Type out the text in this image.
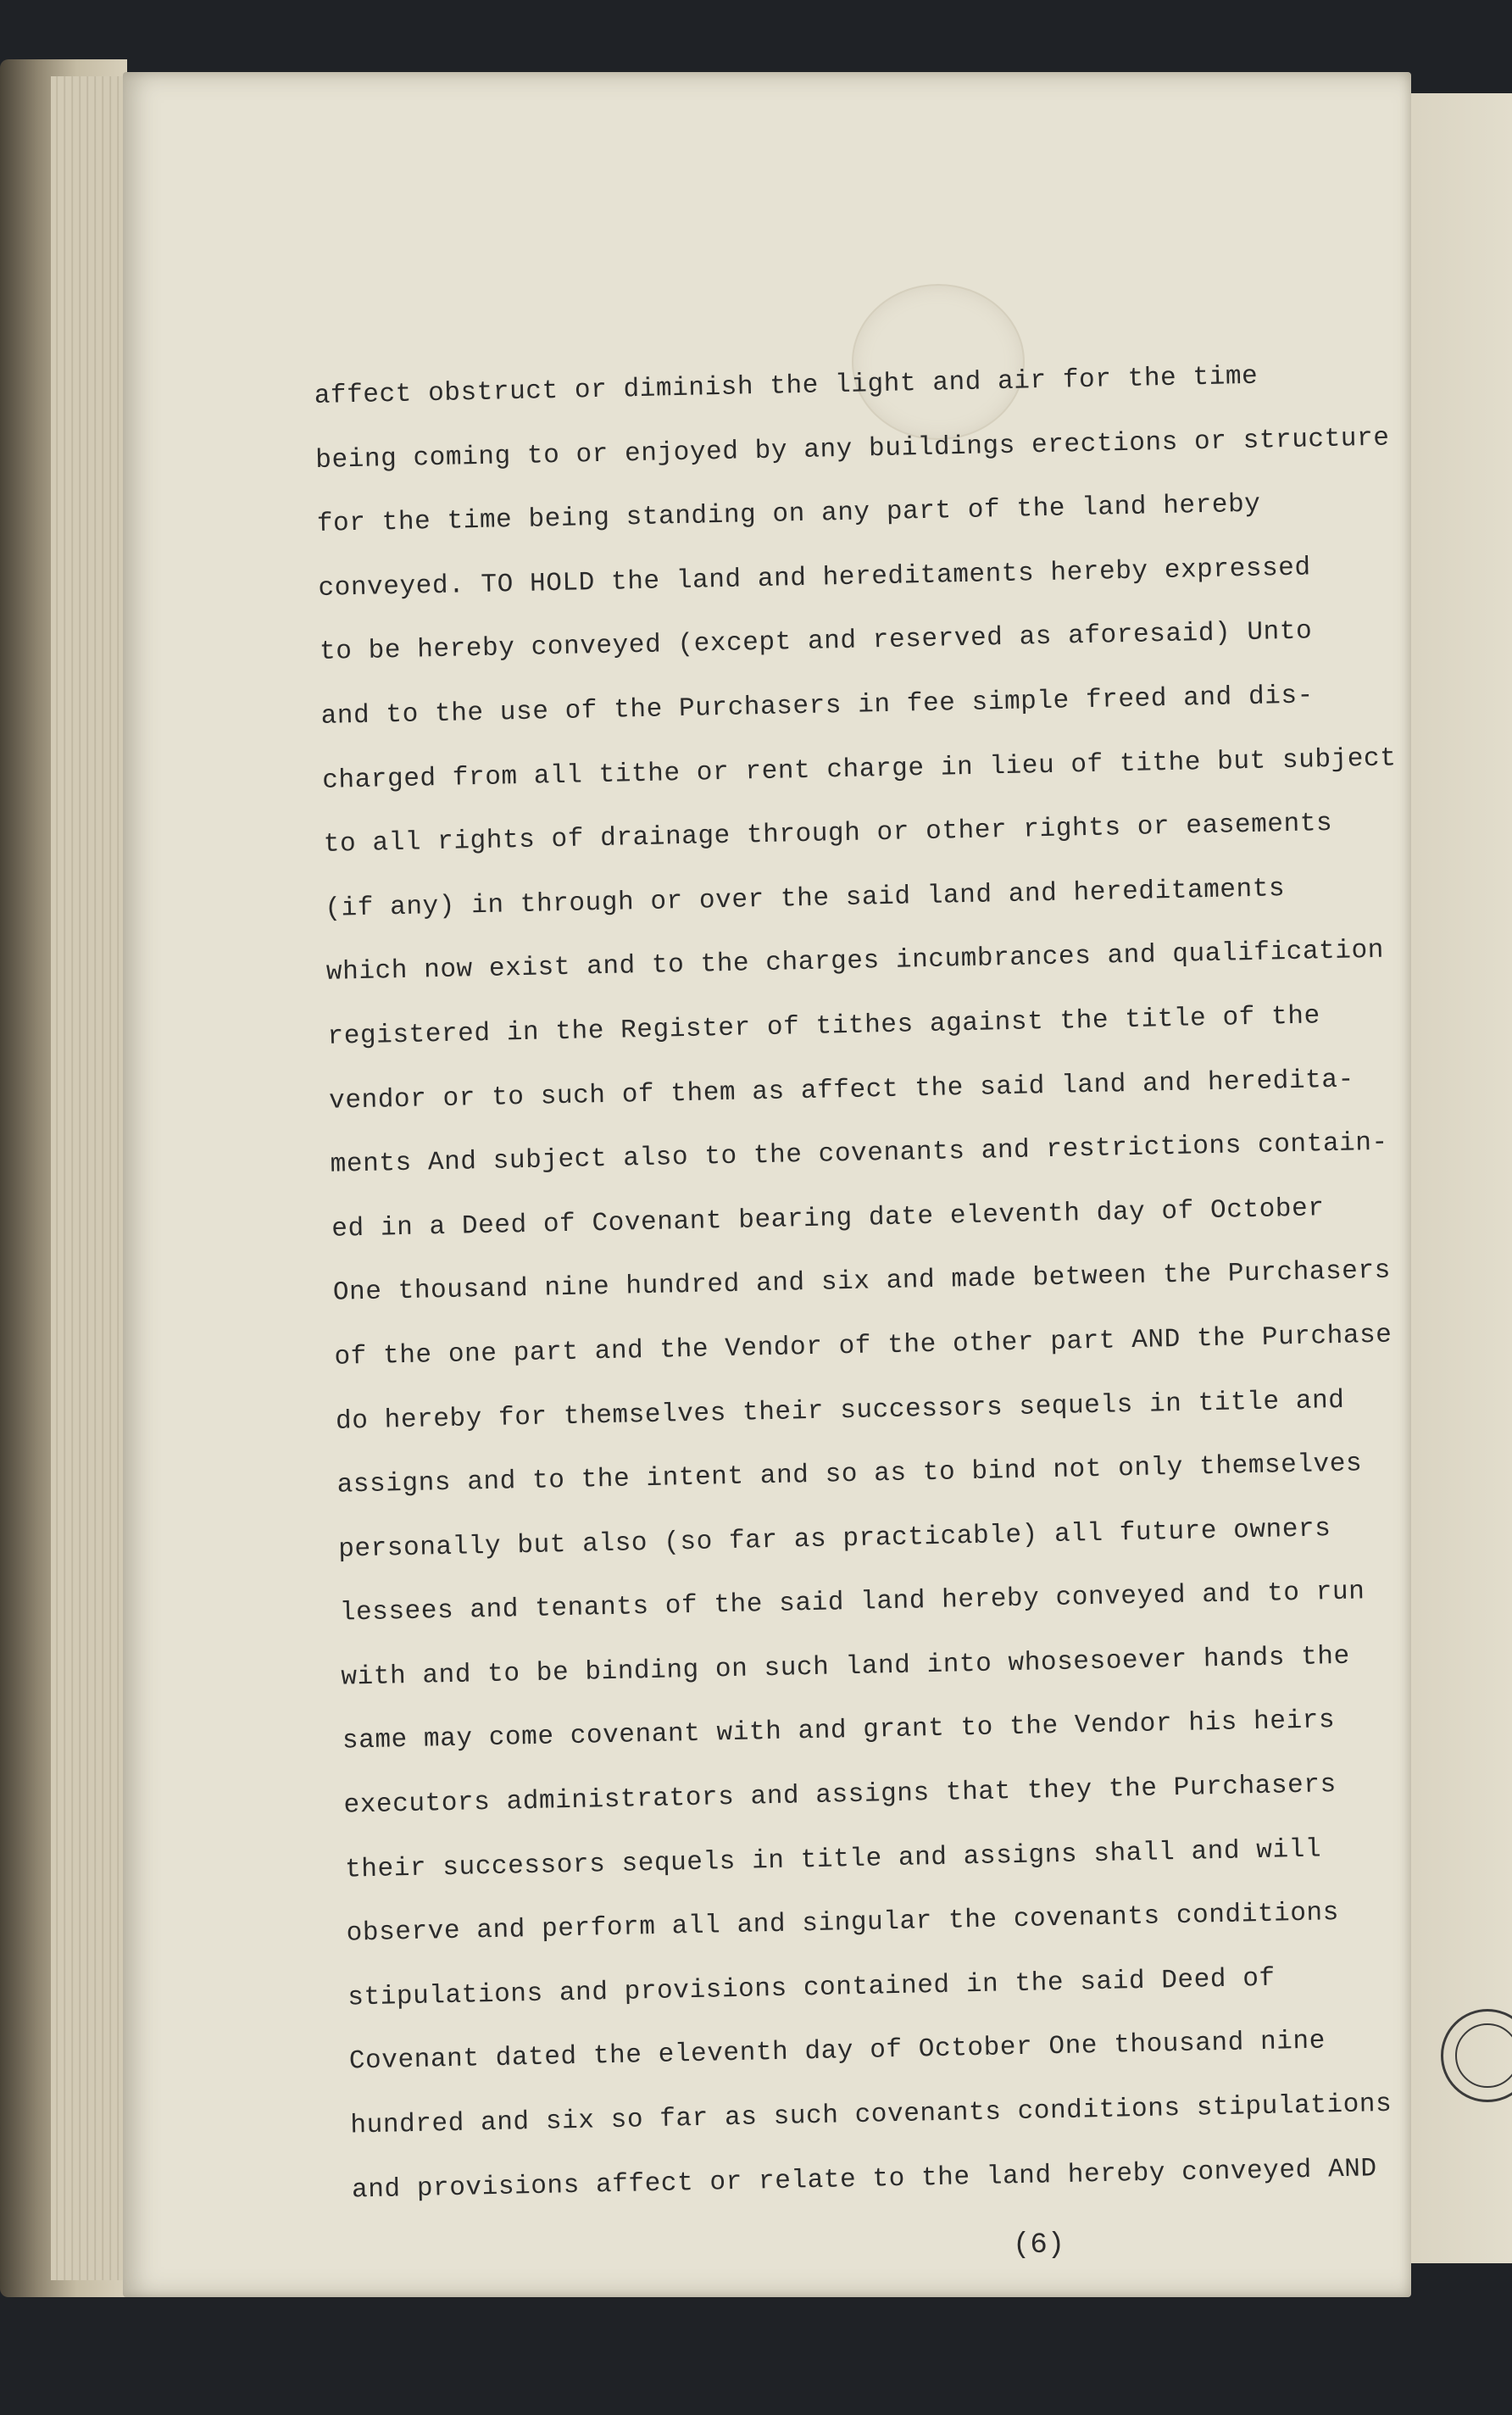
affect obstruct or diminish the light and air for the time
being coming to or enjoyed by any buildings erections or structure
for the time being standing on any part of the land hereby
conveyed. TO HOLD the land and hereditaments hereby expressed
to be hereby conveyed (except and reserved as aforesaid) Unto
and to the use of the Purchasers in fee simple freed and dis-
charged from all tithe or rent charge in lieu of tithe but subject
to all rights of drainage through or other rights or easements
(if any) in through or over the said land and hereditaments
which now exist and to the charges incumbrances and qualification
registered in the Register of tithes against the title of the
vendor or to such of them as affect the said land and heredita-
ments And subject also to the covenants and restrictions contain-
ed in a Deed of Covenant bearing date eleventh day of October
One thousand nine hundred and six and made between the Purchasers
of the one part and the Vendor of the other part AND the Purchase
do hereby for themselves their successors sequels in title and
assigns and to the intent and so as to bind not only themselves
personally but also (so far as practicable) all future owners
lessees and tenants of the said land hereby conveyed and to run
with and to be binding on such land into whosesoever hands the
same may come covenant with and grant to the Vendor his heirs
executors administrators and assigns that they the Purchasers
their successors sequels in title and assigns shall and will
observe and perform all and singular the covenants conditions
stipulations and provisions contained in the said Deed of
Covenant dated the eleventh day of October One thousand nine
hundred and six so far as such covenants conditions stipulations
and provisions affect or relate to the land hereby conveyed AND
(6)
